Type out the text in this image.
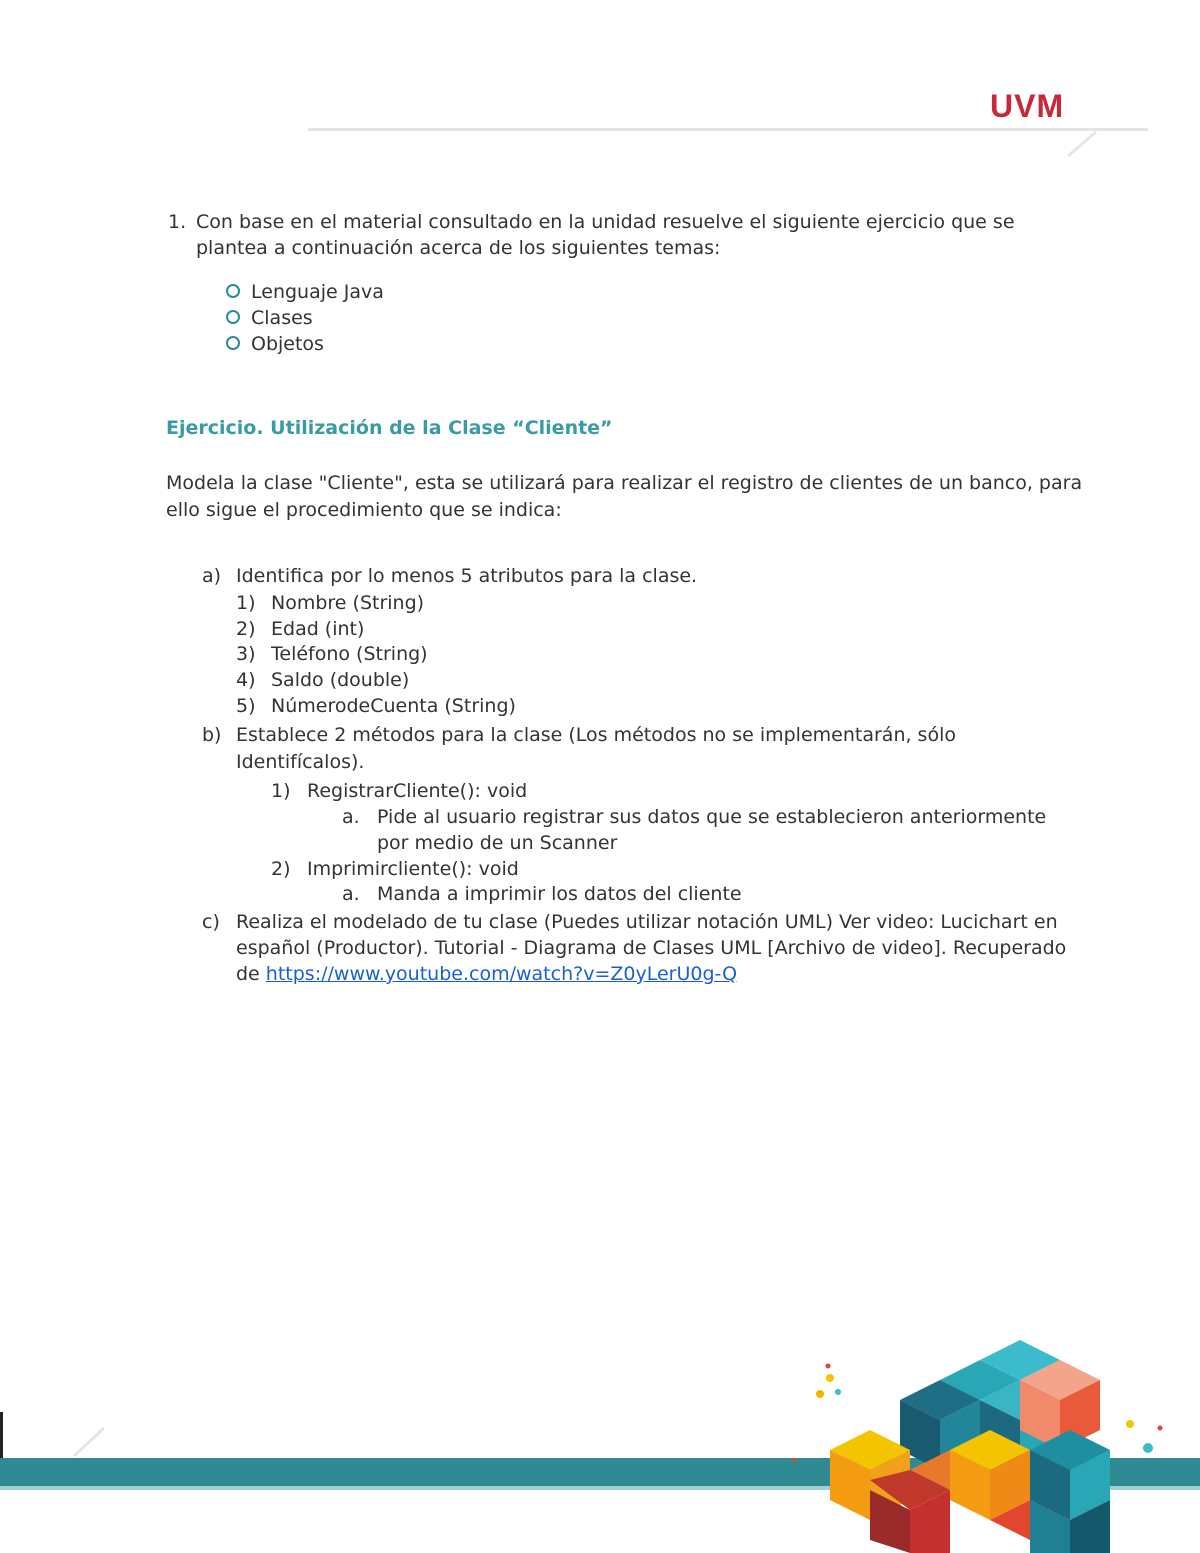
UVM
1. Con base en el material consultado en la unidad resuelve el siguiente ejercicio que se
plantea a continuación acerca de los siguientes temas:
Lenguaje Java
Clases
Objetos
Ejercicio. Utilización de la Clase “Cliente”
Modela la clase "Cliente", esta se utilizará para realizar el registro de clientes de un banco, para
ello sigue el procedimiento que se indica:
a) Identifica por lo menos 5 atributos para la clase.
1) Nombre (String)
2) Edad (int)
3) Teléfono (String)
4) Saldo (double)
5) NúmerodeCuenta (String)
b) Establece 2 métodos para la clase (Los métodos no se implementarán, sólo
Identifícalos).
1) RegistrarCliente(): void
a. Pide al usuario registrar sus datos que se establecieron anteriormente
por medio de un Scanner
2) Imprimircliente(): void
a. Manda a imprimir los datos del cliente
c) Realiza el modelado de tu clase (Puedes utilizar notación UML) Ver video: Lucichart en
español (Productor). Tutorial - Diagrama de Clases UML [Archivo de video]. Recuperado
de https://www.youtube.com/watch?v=Z0yLerU0g-Q
